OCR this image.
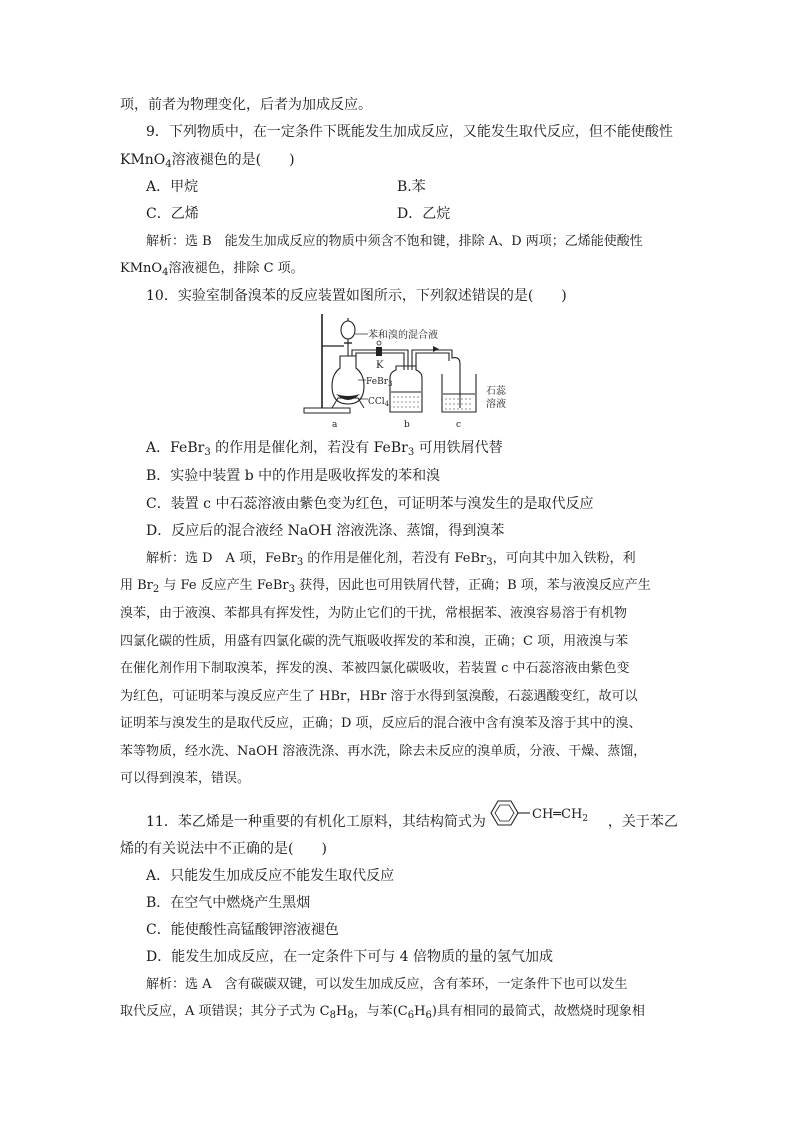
项，前者为物理变化，后者为加成反应。
9．下列物质中，在一定条件下既能发生加成反应，又能发生取代反应，但不能使酸性
KMnO$_4$溶液褪色的是(　　)
A．甲烷	B.苯
C．乙烯	D．乙烷
解析：选 B　能发生加成反应的物质中须含不饱和键，排除 A、D 两项；乙烯能使酸性
KMnO$_4$溶液褪色，排除 C 项。
10．实验室制备溴苯的反应装置如图所示，下列叙述错误的是(　　)
苯和溴的混合液
K
FeBr$_3$
CCl$_4$
石蕊
溶液
a	b	c
A．FeBr$_3$ 的作用是催化剂，若没有 FeBr$_3$ 可用铁屑代替
B．实验中装置 b 中的作用是吸收挥发的苯和溴
C．装置 c 中石蕊溶液由紫色变为红色，可证明苯与溴发生的是取代反应
D．反应后的混合液经 NaOH 溶液洗涤、蒸馏，得到溴苯
解析：选 D　A 项，FeBr$_3$ 的作用是催化剂，若没有 FeBr$_3$，可向其中加入铁粉，利
用 $Br_2$ 与 Fe 反应产生 FeBr$_3$ 获得，因此也可用铁屑代替，正确；B 项，苯与液溴反应产生
溴苯，由于液溴、苯都具有挥发性，为防止它们的干扰，常根据苯、液溴容易溶于有机物
四氯化碳的性质，用盛有四氯化碳的洗气瓶吸收挥发的苯和溴，正确；C 项，用液溴与苯
在催化剂作用下制取溴苯，挥发的溴、苯被四氯化碳吸收，若装置 c 中石蕊溶液由紫色变
为红色，可证明苯与溴反应产生了 HBr，HBr 溶于水得到氢溴酸，石蕊遇酸变红，故可以
证明苯与溴发生的是取代反应，正确；D 项，反应后的混合液中含有溴苯及溶于其中的溴、
苯等物质，经水洗、NaOH 溶液洗涤、再水洗，除去未反应的溴单质，分液、干燥、蒸馏，
可以得到溴苯，错误。
11．苯乙烯是一种重要的有机化工原料，其结构简式为	，关于苯乙
$CH═CH_2$
烯的有关说法中不正确的是(　　)
A．只能发生加成反应不能发生取代反应
B．在空气中燃烧产生黑烟
C．能使酸性高锰酸钾溶液褪色
D．能发生加成反应，在一定条件下可与 4 倍物质的量的氢气加成
解析：选 A　含有碳碳双键，可以发生加成反应，含有苯环，一定条件下也可以发生
取代反应，A 项错误；其分子式为 $C_8H_8$，与苯$(C_6H_6)$具有相同的最简式，故燃烧时现象相
